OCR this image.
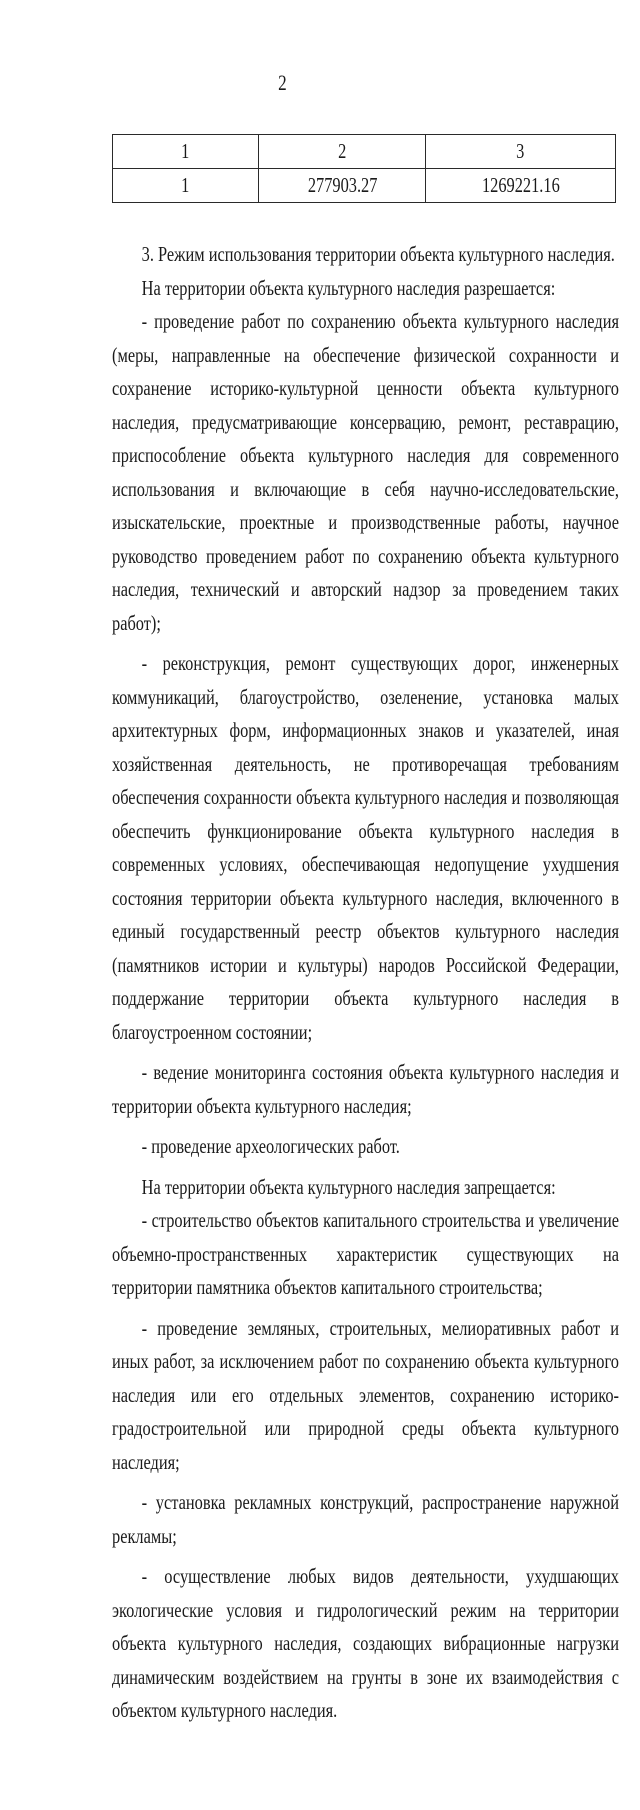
2
1	2	3
1	277903.27	1269221.16

3. Режим использования территории объекта культурного наследия.

На территории объекта культурного наследия разрешается:

- проведение работ по сохранению объекта культурного наследия (меры, направленные на обеспечение физической сохранности и сохранение историко-культурной ценности объекта культурного наследия, предусматривающие консервацию, ремонт, реставрацию, приспособление объекта культурного наследия для современного использования и включающие в себя научно-исследовательские, изыскательские, проектные и производственные работы, научное руководство проведением работ по сохранению объекта культурного наследия, технический и авторский надзор за проведением таких работ);

- реконструкция, ремонт существующих дорог, инженерных коммуникаций, благоустройство, озеленение, установка малых архитектурных форм, информационных знаков и указателей, иная хозяйственная деятельность, не противоречащая требованиям обеспечения сохранности объекта культурного наследия и позволяющая обеспечить функционирование объекта культурного наследия в современных условиях, обеспечивающая недопущение ухудшения состояния территории объекта культурного наследия, включенного в единый государственный реестр объектов культурного наследия (памятников истории и культуры) народов Российской Федерации, поддержание территории объекта культурного наследия в благоустроенном состоянии;

- ведение мониторинга состояния объекта культурного наследия и территории объекта культурного наследия;

- проведение археологических работ.

На территории объекта культурного наследия запрещается:

- строительство объектов капитального строительства и увеличение объемно-пространственных характеристик существующих на территории памятника объектов капитального строительства;

- проведение земляных, строительных, мелиоративных работ и иных работ, за исключением работ по сохранению объекта культурного наследия или его отдельных элементов, сохранению историко-градостроительной или природной среды объекта культурного наследия;

- установка рекламных конструкций, распространение наружной рекламы;

- осуществление любых видов деятельности, ухудшающих экологические условия и гидрологический режим на территории объекта культурного наследия, создающих вибрационные нагрузки динамическим воздействием на грунты в зоне их взаимодействия с объектом культурного наследия.
